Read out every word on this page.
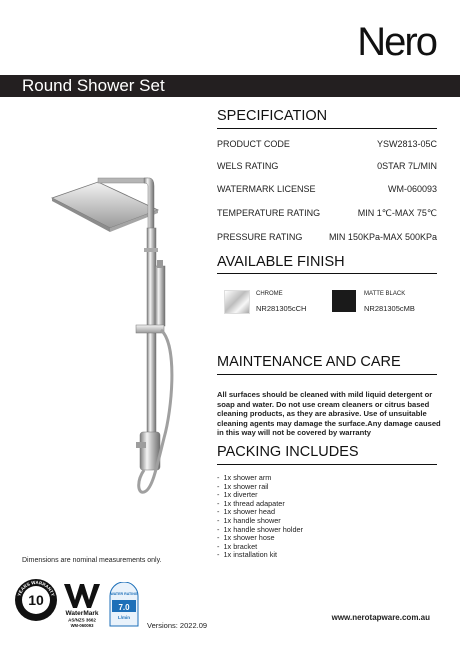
Nero
Round Shower Set
SPECIFICATION
PRODUCT CODE	YSW2813-05C
WELS RATING	0STAR 7L/MIN
WATERMARK LICENSE	WM-060093
TEMPERATURE RATING	MIN 1℃-MAX 75℃
PRESSURE RATING	MIN 150KPa-MAX 500KPa
AVAILABLE FINISH
CHROME
NR281305cCH
MATTE BLACK
NR281305cMB
MAINTENANCE AND CARE
All surfaces should be cleaned with mild liquid detergent or soap and water. Do not use cream cleaners or citrus based cleaning products, as they are abrasive. Use of unsuitable cleaning agents may damage the surface.Any damage caused in this way will not be covered by warranty
PACKING INCLUDES
-  1x shower arm
-  1x shower rail
-  1x diverter
-  1x thread adapater
-  1x shower head
-  1x handle shower
-  1x handle shower holder
-  1x shower hose
-  1x bracket
-  1x installation kit
Dimensions are nominal measurements only.
10
YEARS WARRANTY
WaterMark
AS/NZS 3662
WM-060093
WATER RATING
7.0
L/min
Versions: 2022.09
www.nerotapware.com.au
